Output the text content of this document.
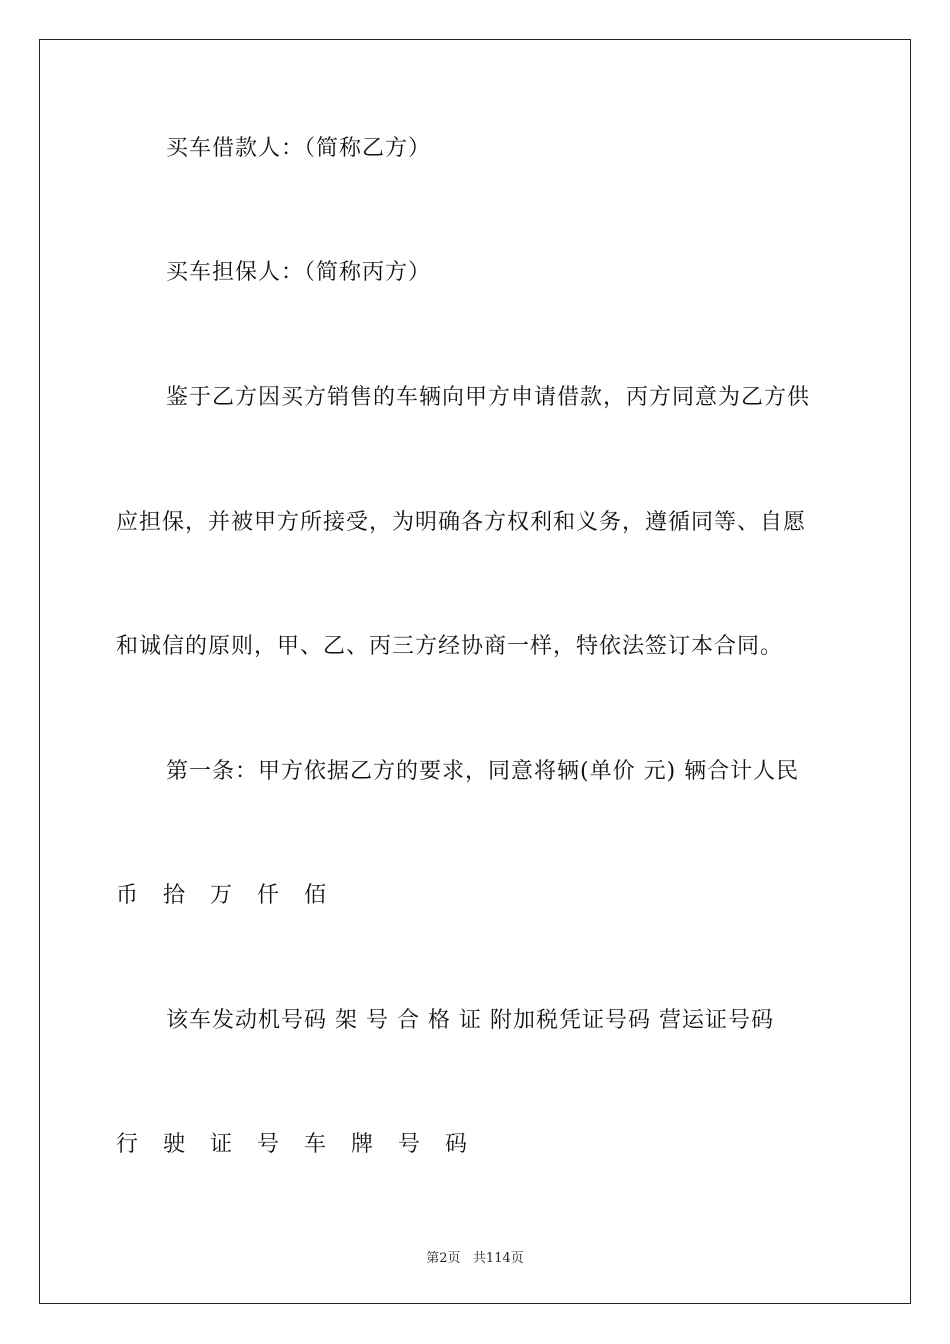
买车借款人：（简称乙方）
买车担保人：（简称丙方）
鉴于乙方因买方销售的车辆向甲方申请借款，丙方同意为乙方供
应担保，并被甲方所接受，为明确各方权利和义务，遵循同等、自愿
和诚信的原则，甲、乙、丙三方经协商一样，特依法签订本合同。
第一条：甲方依据乙方的要求，同意将辆(单价 元) 辆合计人民
币 拾 万 仟 佰
该车发动机号码 架 号 合 格 证 附加税凭证号码 营运证号码
行 驶 证 号 车 牌 号 码
第2页 共114页
